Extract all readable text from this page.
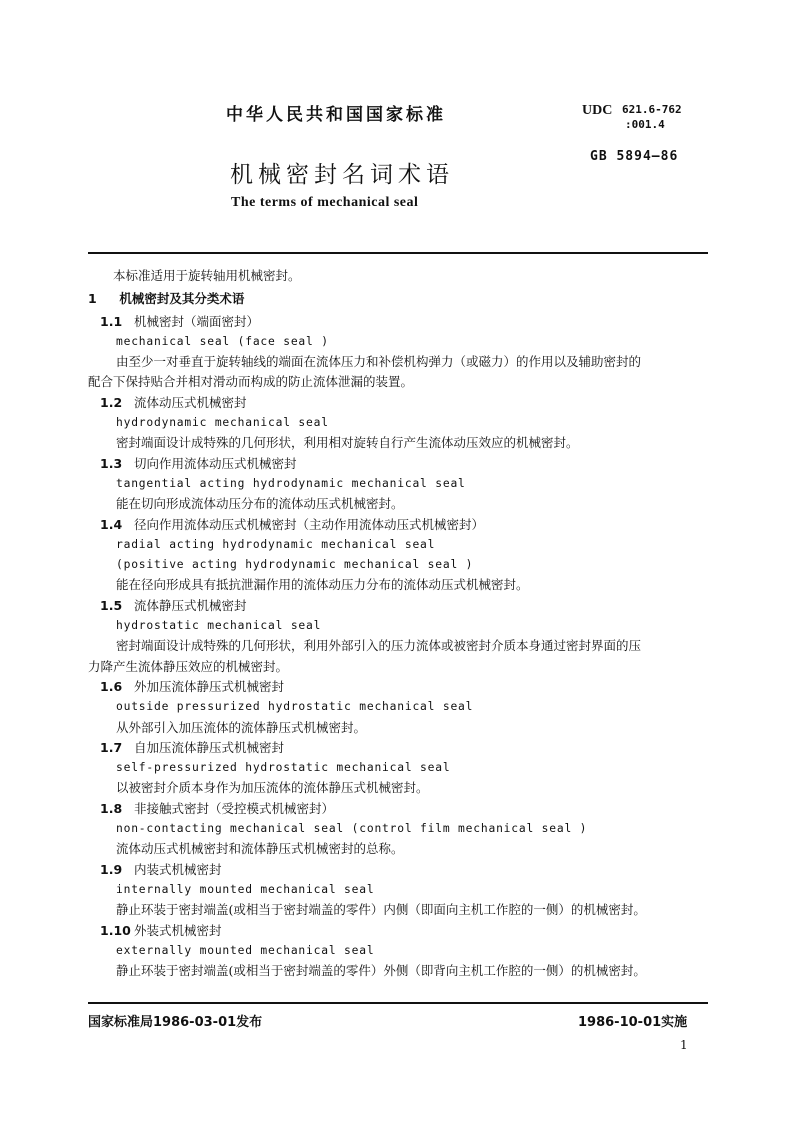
中华人民共和国国家标准	UDC 621.6-762
:001.4
GB 5894—86
机械密封名词术语
The terms of mechanical seal

本标准适用于旋转轴用机械密封。

1 机械密封及其分类术语

1.1 机械密封（端面密封）

mechanical seal (face seal )

由至少一对垂直于旋转轴线的端面在流体压力和补偿机构弹力（或磁力）的作用以及辅助密封的

配合下保持贴合并相对滑动而构成的防止流体泄漏的装置。

1.2 流体动压式机械密封

hydrodynamic mechanical seal

密封端面设计成特殊的几何形状，利用相对旋转自行产生流体动压效应的机械密封。

1.3 切向作用流体动压式机械密封

tangential acting hydrodynamic mechanical seal

能在切向形成流体动压分布的流体动压式机械密封。

1.4 径向作用流体动压式机械密封（主动作用流体动压式机械密封）

radial acting hydrodynamic mechanical seal

(positive acting hydrodynamic mechanical seal )

能在径向形成具有抵抗泄漏作用的流体动压力分布的流体动压式机械密封。

1.5 流体静压式机械密封

hydrostatic mechanical seal

密封端面设计成特殊的几何形状，利用外部引入的压力流体或被密封介质本身通过密封界面的压

力降产生流体静压效应的机械密封。

1.6 外加压流体静压式机械密封

outside pressurized hydrostatic mechanical seal

从外部引入加压流体的流体静压式机械密封。

1.7 自加压流体静压式机械密封

self-pressurized hydrostatic mechanical seal

以被密封介质本身作为加压流体的流体静压式机械密封。

1.8 非接触式密封（受控模式机械密封）

non-contacting mechanical seal (control film mechanical seal )

流体动压式机械密封和流体静压式机械密封的总称。

1.9 内装式机械密封

internally mounted mechanical seal

静止环装于密封端盖(或相当于密封端盖的零件）内侧（即面向主机工作腔的一侧）的机械密封。

1.10 外装式机械密封

externally mounted mechanical seal

静止环装于密封端盖(或相当于密封端盖的零件）外侧（即背向主机工作腔的一侧）的机械密封。

国家标准局1986-03-01发布	1986-10-01实施
1
